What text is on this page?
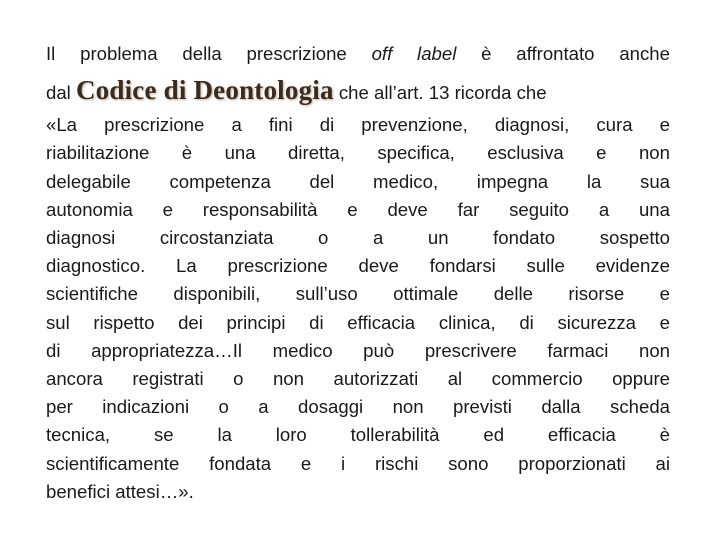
Il problema della prescrizione off label è affrontato anche
dal Codice di Deontologia che all’art. 13 ricorda che
«La prescrizione a fini di prevenzione, diagnosi, cura e
riabilitazione è una diretta, specifica, esclusiva e non
delegabile competenza del medico, impegna la sua
autonomia e responsabilità e deve far seguito a una
diagnosi circostanziata o a un fondato sospetto
diagnostico. La prescrizione deve fondarsi sulle evidenze
scientifiche disponibili, sull’uso ottimale delle risorse e
sul rispetto dei principi di efficacia clinica, di sicurezza e
di appropriatezza…Il medico può prescrivere farmaci non
ancora registrati o non autorizzati al commercio oppure
per indicazioni o a dosaggi non previsti dalla scheda
tecnica, se la loro tollerabilità ed efficacia è
scientificamente fondata e i rischi sono proporzionati ai
benefici attesi…».
